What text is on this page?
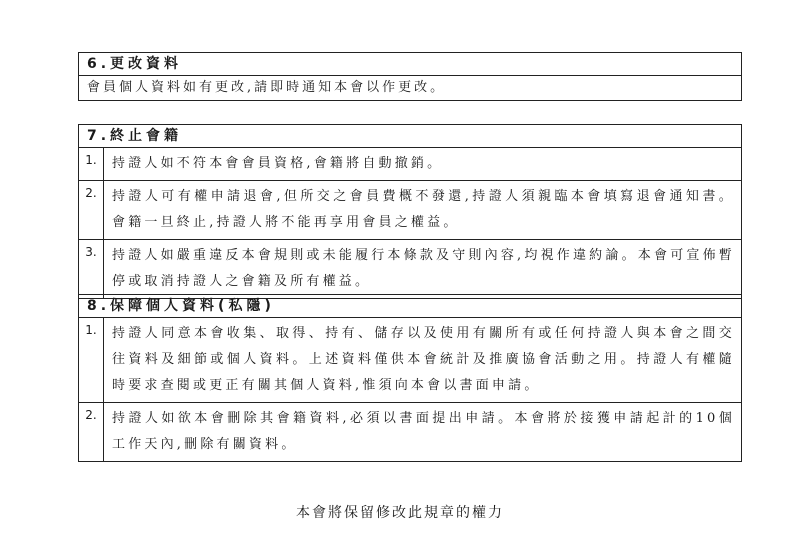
6.更改資料
會員個人資料如有更改,請即時通知本會以作更改。
7.終止會籍
1.	持證人如不符本會會員資格,會籍將自動撤銷。
2.	持證人可有權申請退會,但所交之會員費概不發還,持證人須親臨本會填寫退會通知書。會籍一旦終止,持證人將不能再享用會員之權益。
3.	持證人如嚴重違反本會規則或未能履行本條款及守則內容,均視作違約論。本會可宣佈暫停或取消持證人之會籍及所有權益。
8.保障個人資料(私隱)
1.	持證人同意本會收集、取得、持有、儲存以及使用有關所有或任何持證人與本會之間交往資料及細節或個人資料。上述資料僅供本會統計及推廣協會活動之用。持證人有權隨時要求查閱或更正有關其個人資料,惟須向本會以書面申請。
2.	持證人如欲本會刪除其會籍資料,必須以書面提出申請。本會將於接獲申請起計的10個工作天內,刪除有關資料。
本會將保留修改此規章的權力
